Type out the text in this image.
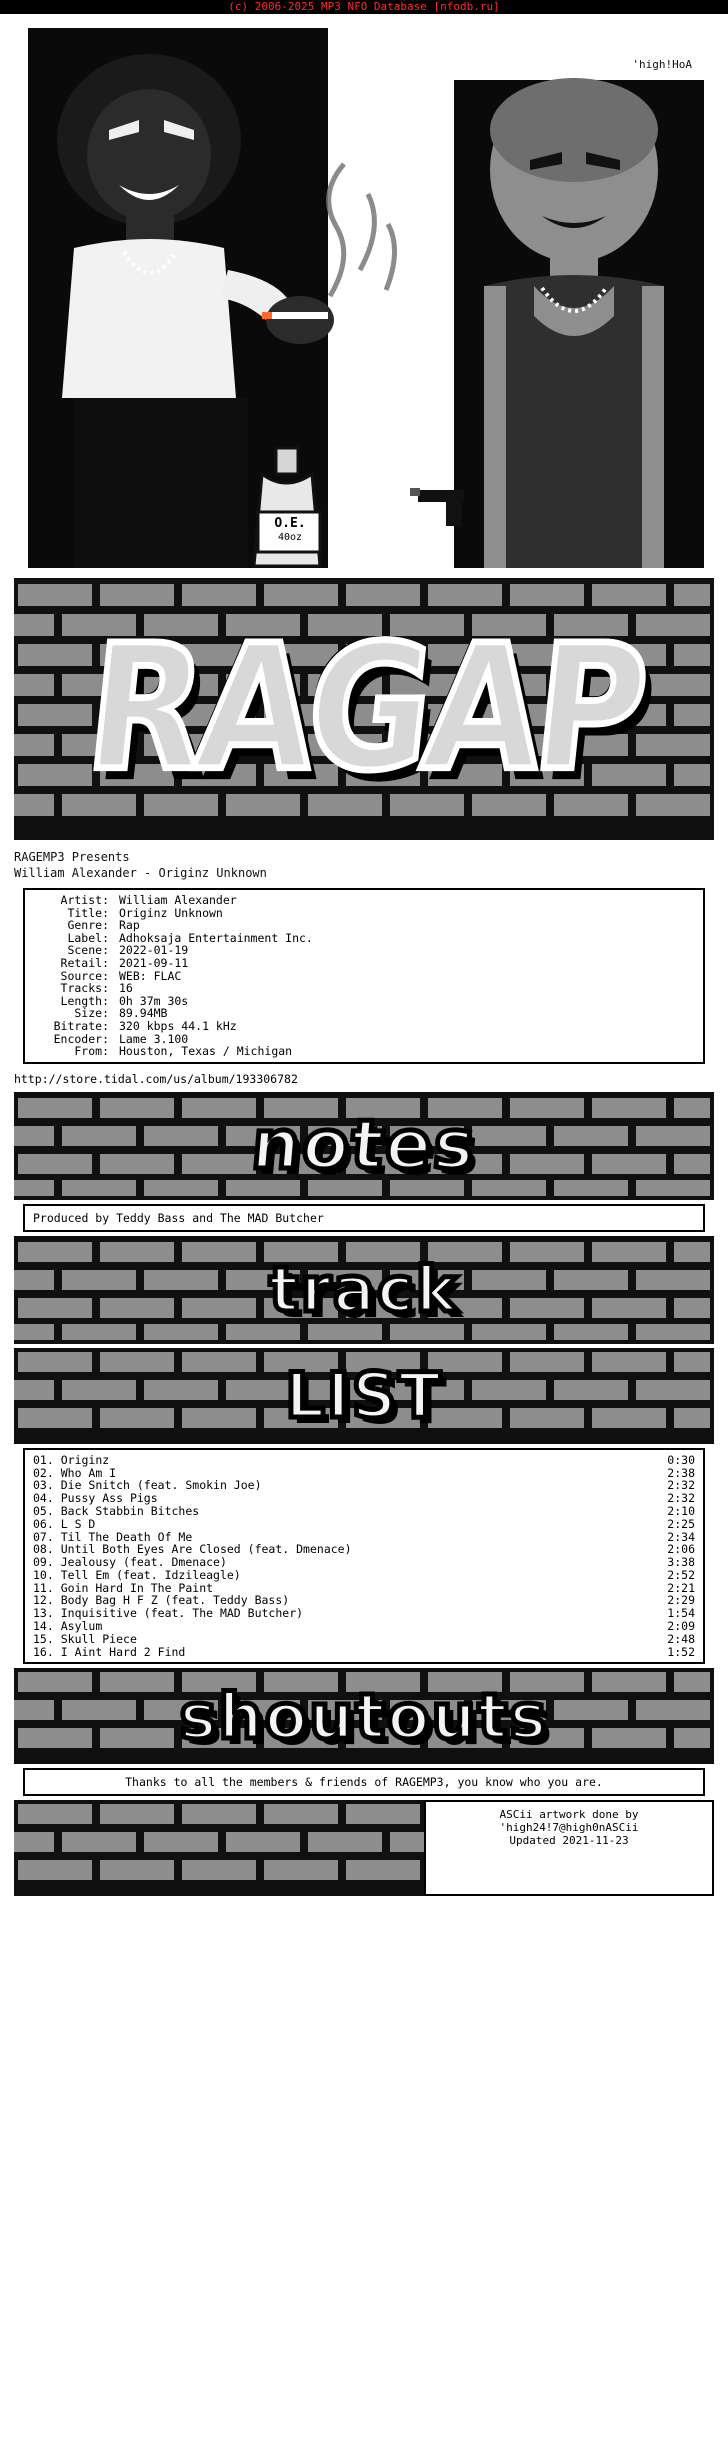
(c) 2006-2025 MP3 NFO Database [nfodb.ru]
'high!HoA
O.E.
40oz
RAGAP
RAGEMP3 Presents
William Alexander - Originz Unknown
Artist: William Alexander
Title: Originz Unknown
Genre: Rap
Label: Adhoksaja Entertainment Inc.
Scene: 2022-01-19
Retail: 2021-09-11
Source: WEB: FLAC
Tracks: 16
Length: 0h 37m 30s
Size: 89.94MB
Bitrate: 320 kbps 44.1 kHz
Encoder: Lame 3.100
From: Houston, Texas / Michigan
http://store.tidal.com/us/album/193306782
notes
Produced by Teddy Bass and The MAD Butcher
track
LIST
01. Originz	0:30
02. Who Am I	2:38
03. Die Snitch (feat. Smokin Joe)	2:32
04. Pussy Ass Pigs	2:32
05. Back Stabbin Bitches	2:10
06. L S D	2:25
07. Til The Death Of Me	2:34
08. Until Both Eyes Are Closed (feat. Dmenace)	2:06
09. Jealousy (feat. Dmenace)	3:38
10. Tell Em (feat. Idzileagle)	2:52
11. Goin Hard In The Paint	2:21
12. Body Bag H F Z (feat. Teddy Bass)	2:29
13. Inquisitive (feat. The MAD Butcher)	1:54
14. Asylum	2:09
15. Skull Piece	2:48
16. I Aint Hard 2 Find	1:52
shoutouts
Thanks to all the members & friends of RAGEMP3, you know who you are.
ASCii artwork done by
'high24!7@high0nASCii
Updated 2021-11-23
